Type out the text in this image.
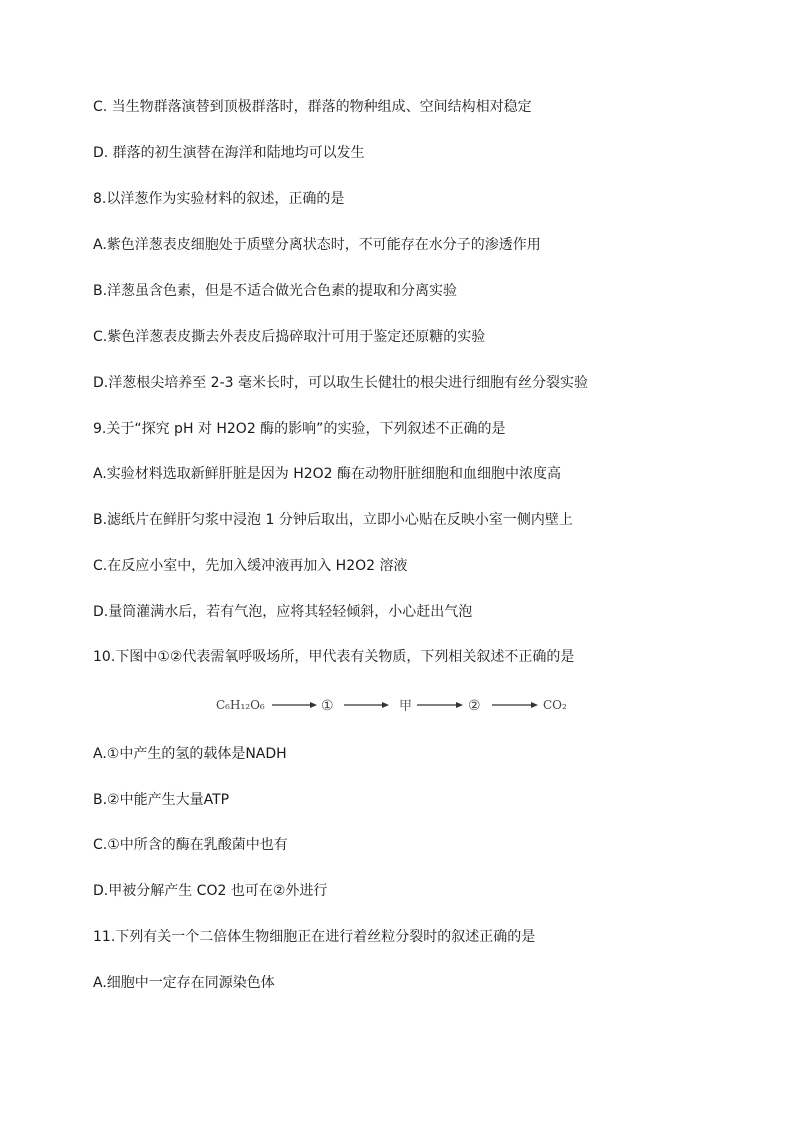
C. 当生物群落演替到顶极群落时，群落的物种组成、空间结构相对稳定
D. 群落的初生演替在海洋和陆地均可以发生
8.以洋葱作为实验材料的叙述，正确的是
A.紫色洋葱表皮细胞处于质壁分离状态时，不可能存在水分子的渗透作用
B.洋葱虽含色素，但是不适合做光合色素的提取和分离实验
C.紫色洋葱表皮撕去外表皮后捣碎取汁可用于鉴定还原糖的实验
D.洋葱根尖培养至 2-3 毫米长时，可以取生长健壮的根尖进行细胞有丝分裂实验
9.关于“探究 pH 对 H2O2 酶的影响”的实验，下列叙述不正确的是
A.实验材料选取新鲜肝脏是因为 H2O2 酶在动物肝脏细胞和血细胞中浓度高
B.滤纸片在鲜肝匀浆中浸泡 1 分钟后取出，立即小心贴在反映小室一侧内壁上
C.在反应小室中，先加入缓冲液再加入 H2O2 溶液
D.量筒灌满水后，若有气泡，应将其轻轻倾斜，小心赶出气泡
10.下图中①②代表需氧呼吸场所，甲代表有关物质，下列相关叙述不正确的是
C₆H₁₂O₆	①	甲	②	CO₂
A.①中产生的氢的载体是NADH
B.②中能产生大量ATP
C.①中所含的酶在乳酸菌中也有
D.甲被分解产生 CO2 也可在②外进行
11.下列有关一个二倍体生物细胞正在进行着丝粒分裂时的叙述正确的是
A.细胞中一定存在同源染色体
